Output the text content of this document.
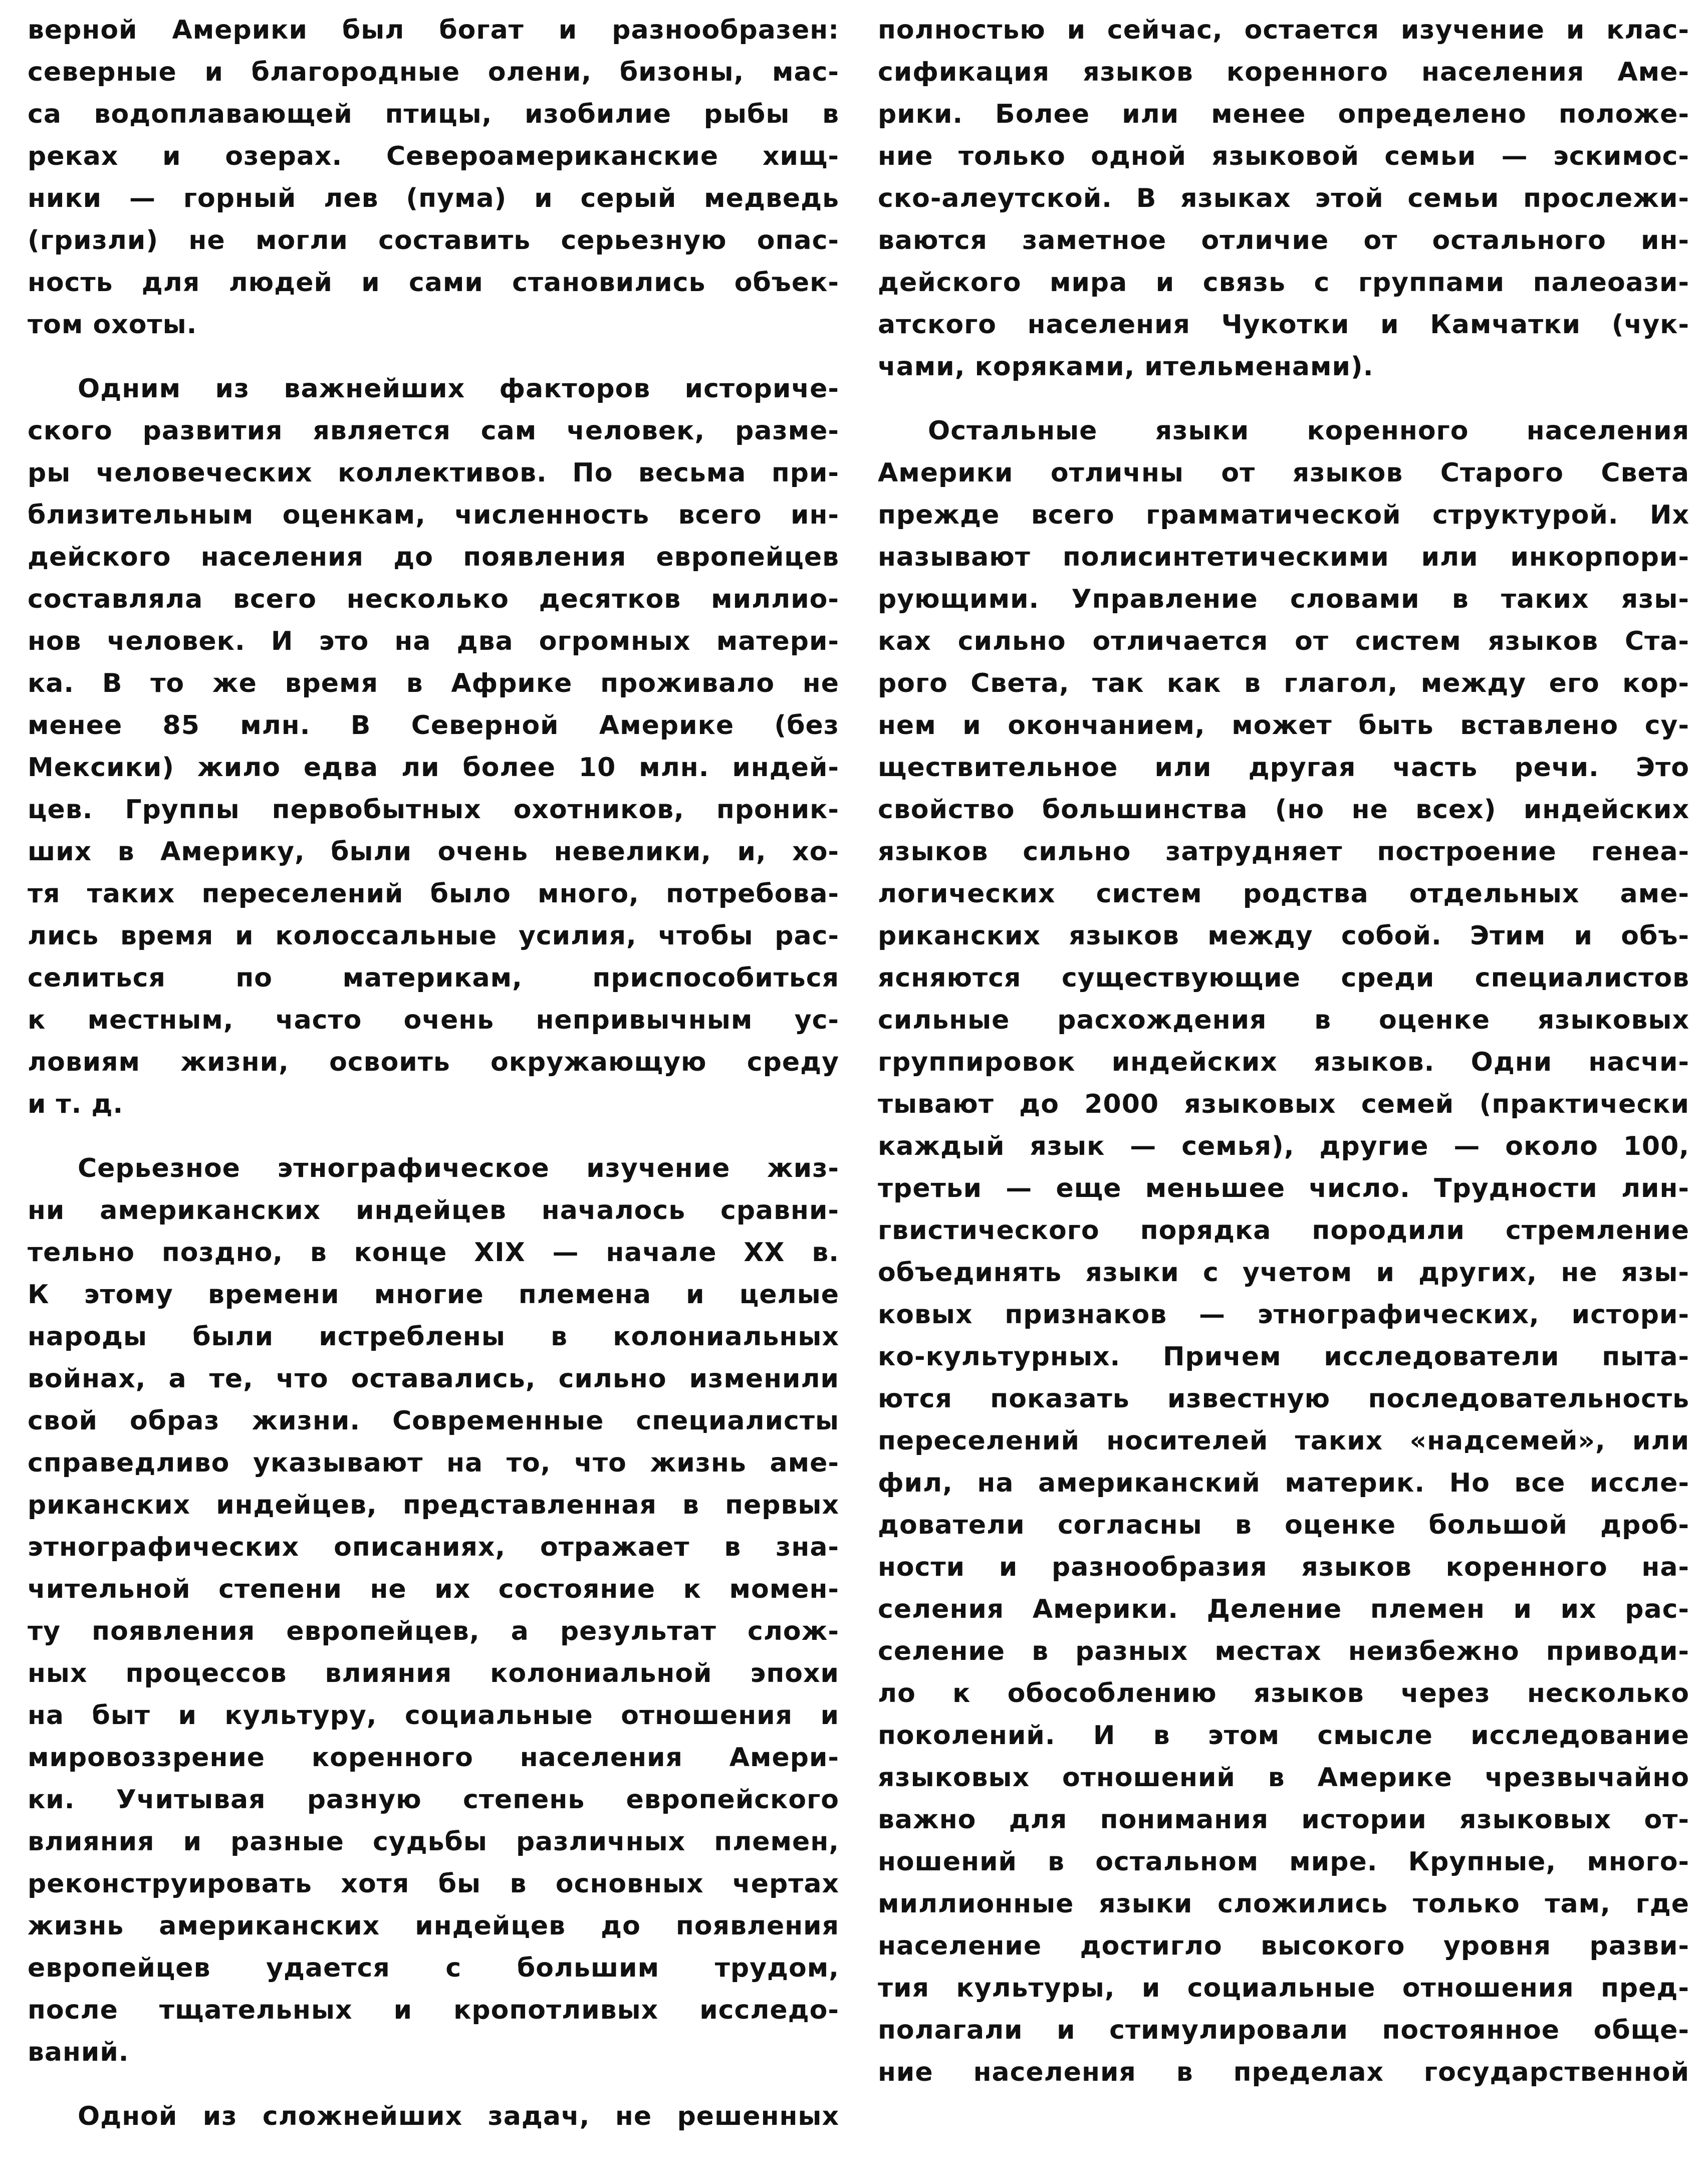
верной Америки был богат и разнообразен:
северные и благородные олени, бизоны, мас-
са водоплавающей птицы, изобилие рыбы в
реках и озерах. Североамериканские хищ-
ники — горный лев (пума) и серый медведь
(гризли) не могли составить серьезную опас-
ность для людей и сами становились объек-
том охоты.
Одним из важнейших факторов историче-
ского развития является сам человек, разме-
ры человеческих коллективов. По весьма при-
близительным оценкам, численность всего ин-
дейского населения до появления европейцев
составляла всего несколько десятков миллио-
нов человек. И это на два огромных матери-
ка. В то же время в Африке проживало не
менее 85 млн. В Северной Америке (без
Мексики) жило едва ли более 10 млн. индей-
цев. Группы первобытных охотников, проник-
ших в Америку, были очень невелики, и, хо-
тя таких переселений было много, потребова-
лись время и колоссальные усилия, чтобы рас-
селиться по материкам, приспособиться
к местным, часто очень непривычным ус-
ловиям жизни, освоить окружающую среду
и т. д.
Серьезное этнографическое изучение жиз-
ни американских индейцев началось сравни-
тельно поздно, в конце XIX — начале XX в.
К этому времени многие племена и целые
народы были истреблены в колониальных
войнах, а те, что оставались, сильно изменили
свой образ жизни. Современные специалисты
справедливо указывают на то, что жизнь аме-
риканских индейцев, представленная в первых
этнографических описаниях, отражает в зна-
чительной степени не их состояние к момен-
ту появления европейцев, а результат слож-
ных процессов влияния колониальной эпохи
на быт и культуру, социальные отношения и
мировоззрение коренного населения Амери-
ки. Учитывая разную степень европейского
влияния и разные судьбы различных племен,
реконструировать хотя бы в основных чертах
жизнь американских индейцев до появления
европейцев удается с большим трудом,
после тщательных и кропотливых исследо-
ваний.
Одной из сложнейших задач, не решенных
полностью и сейчас, остается изучение и клас-
сификация языков коренного населения Аме-
рики. Более или менее определено положе-
ние только одной языковой семьи — эскимос-
ско-алеутской. В языках этой семьи прослежи-
ваются заметное отличие от остального ин-
дейского мира и связь с группами палеоази-
атского населения Чукотки и Камчатки (чук-
чами, коряками, ительменами).
Остальные языки коренного населения
Америки отличны от языков Старого Света
прежде всего грамматической структурой. Их
называют полисинтетическими или инкорпори-
рующими. Управление словами в таких язы-
ках сильно отличается от систем языков Ста-
рого Света, так как в глагол, между его кор-
нем и окончанием, может быть вставлено су-
ществительное или другая часть речи. Это
свойство большинства (но не всех) индейских
языков сильно затрудняет построение генеа-
логических систем родства отдельных аме-
риканских языков между собой. Этим и объ-
ясняются существующие среди специалистов
сильные расхождения в оценке языковых
группировок индейских языков. Одни насчи-
тывают до 2000 языковых семей (практически
каждый язык — семья), другие — около 100,
третьи — еще меньшее число. Трудности лин-
гвистического порядка породили стремление
объединять языки с учетом и других, не язы-
ковых признаков — этнографических, истори-
ко-культурных. Причем исследователи пыта-
ются показать известную последовательность
переселений носителей таких «надсемей», или
фил, на американский материк. Но все иссле-
дователи согласны в оценке большой дроб-
ности и разнообразия языков коренного на-
селения Америки. Деление племен и их рас-
селение в разных местах неизбежно приводи-
ло к обособлению языков через несколько
поколений. И в этом смысле исследование
языковых отношений в Америке чрезвычайно
важно для понимания истории языковых от-
ношений в остальном мире. Крупные, много-
миллионные языки сложились только там, где
население достигло высокого уровня разви-
тия культуры, и социальные отношения пред-
полагали и стимулировали постоянное обще-
ние населения в пределах государственной
